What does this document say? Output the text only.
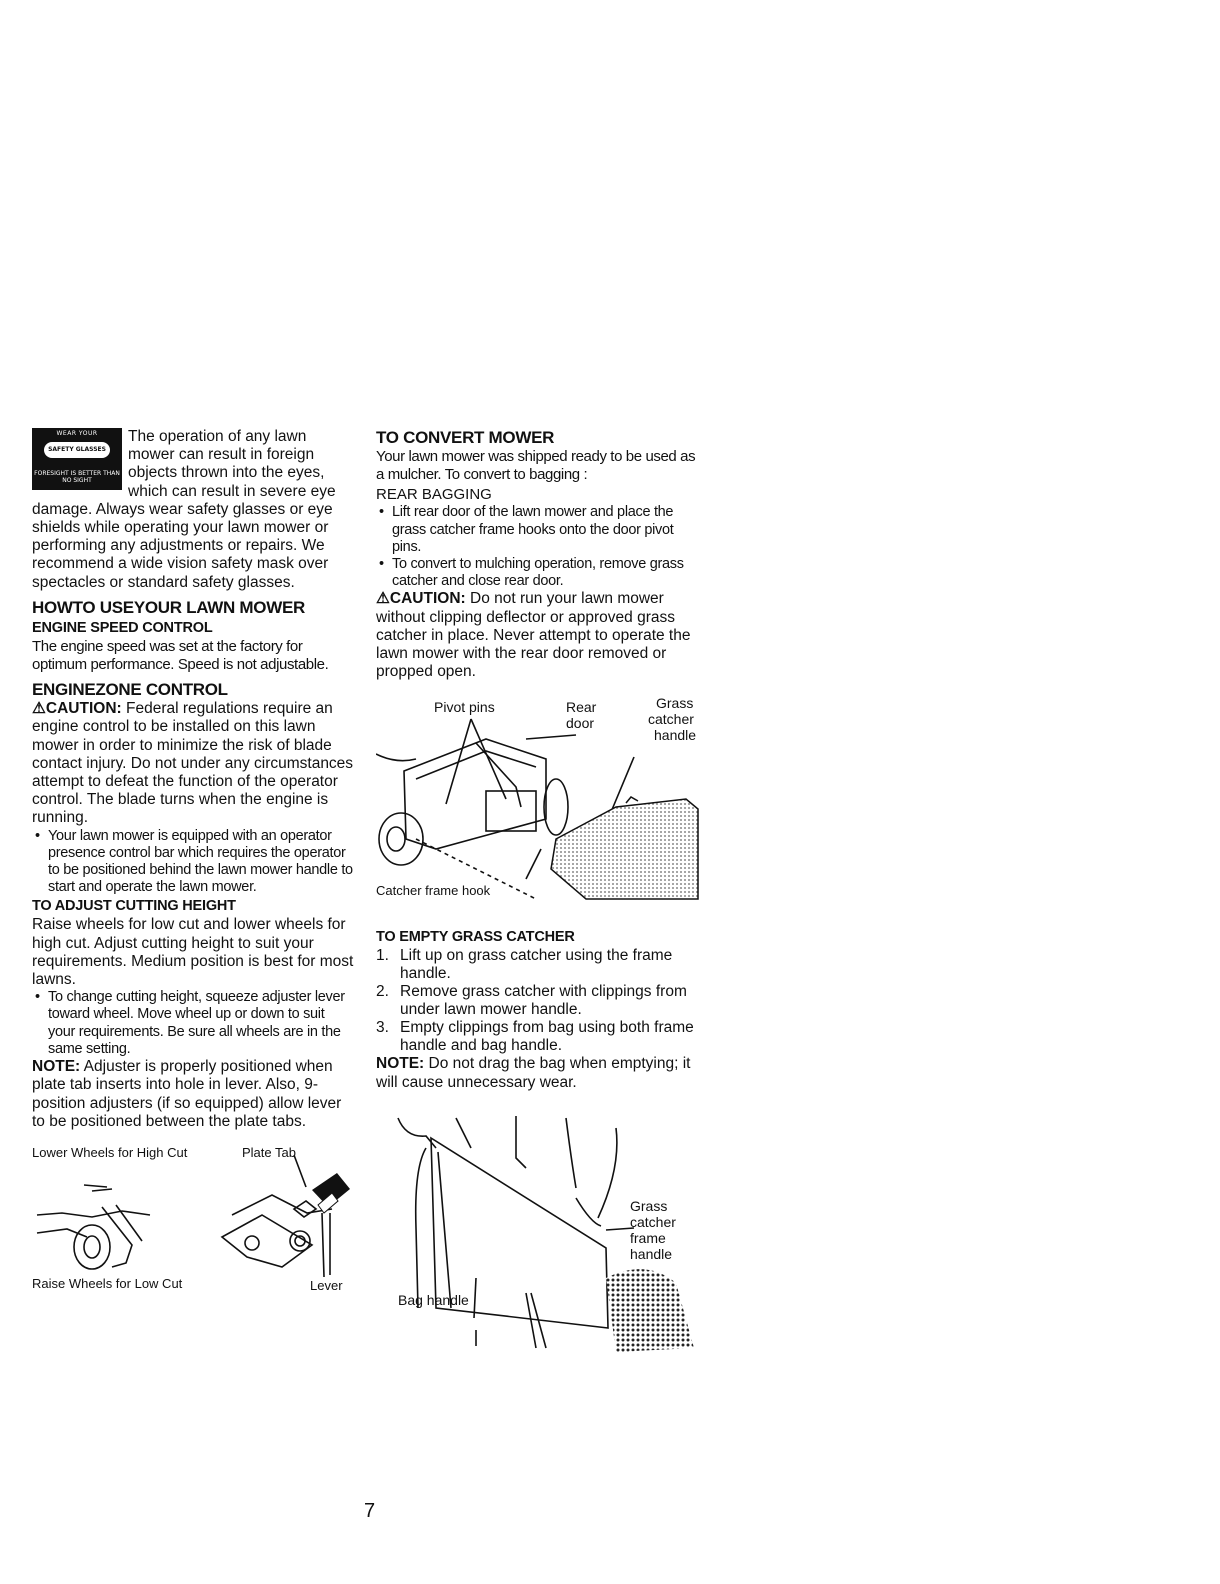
WEAR YOUR
SAFETY GLASSES
FORESIGHT IS BETTER THAN NO SIGHT

The operation of any lawn mower can result in foreign objects thrown into the eyes, which can result in severe eye damage. Always wear safety glasses or eye shields while operating your lawn mower or performing any adjustments or repairs. We recommend a wide vision safety mask over spectacles or standard safety glasses.

HOWTO USEYOUR LAWN MOWER
ENGINE SPEED CONTROL

The engine speed was set at the factory for optimum performance. Speed is not adjustable.

ENGINEZONE CONTROL

⚠CAUTION: Federal regulations require an engine control to be installed on this lawn mower in order to minimize the risk of blade contact injury. Do not under any circumstances attempt to defeat the function of the operator control. The blade turns when the engine is running.

• Your lawn mower is equipped with an operator presence control bar which requires the operator to be positioned behind the lawn mower handle to start and operate the lawn mower.
TO ADJUST CUTTING HEIGHT

Raise wheels for low cut and lower wheels for high cut. Adjust cutting height to suit your requirements. Medium position is best for most lawns.

• To change cutting height, squeeze adjuster lever toward wheel. Move wheel up or down to suit your requirements. Be sure all wheels are in the same setting.

NOTE: Adjuster is properly positioned when plate tab inserts into hole in lever. Also, 9-position adjusters (if so equipped) allow lever to be positioned between the plate tabs.

Lower Wheels for High Cut	Plate Tab
Raise Wheels for Low Cut	Lever
TO CONVERT MOWER

Your lawn mower was shipped ready to be used as a mulcher. To convert to bagging :

REAR BAGGING
• Lift rear door of the lawn mower and place the grass catcher frame hooks onto the door pivot pins.
• To convert to mulching operation, remove grass catcher and close rear door.

⚠CAUTION: Do not run your lawn mower without clipping deflector or approved grass catcher in place. Never attempt to operate the lawn mower with the rear door removed or propped open.

Pivot pins	Rear
door
Grass
catcher
handle
Catcher frame hook
TO EMPTY GRASS CATCHER
1. Lift up on grass catcher using the frame handle.
2. Remove grass catcher with clippings from under lawn mower handle.
3. Empty clippings from bag using both frame handle and bag handle.

NOTE: Do not drag the bag when emptying; it will cause unnecessary wear.

Grass
catcher
frame
handle
Bag handle
7
